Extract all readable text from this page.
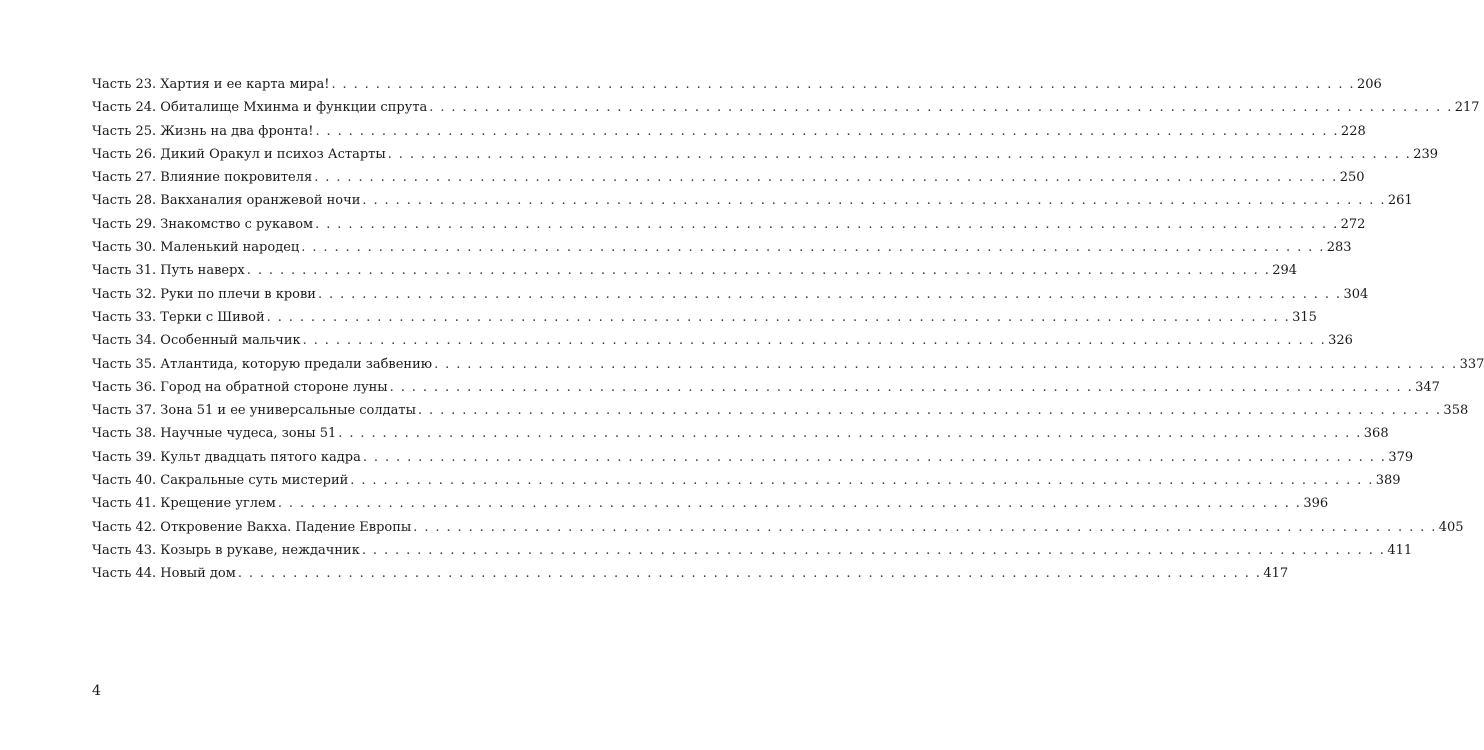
Часть 23. Хартия и ее карта мира! . . .	206
Часть 24. Обиталище Мхинма и функции спрута . . .	217
Часть 25. Жизнь на два фронта! . . .	228
Часть 26. Дикий Оракул и психоз Астарты . . .	239
Часть 27. Влияние покровителя . . .	250
Часть 28. Вакханалия оранжевой ночи . . .	261
Часть 29. Знакомство с рукавом . . .	272
Часть 30. Маленький народец . . .	283
Часть 31. Путь наверх . . .	294
Часть 32. Руки по плечи в крови . . .	304
Часть 33. Терки с Шивой . . .	315
Часть 34. Особенный мальчик . . .	326
Часть 35. Атлантида, которую предали забвению . . .	337
Часть 36. Город на обратной стороне луны . . .	347
Часть 37. Зона 51 и ее универсальные солдаты . . .	358
Часть 38. Научные чудеса, зоны 51 . . .	368
Часть 39. Культ двадцать пятого кадра . . .	379
Часть 40. Сакральные суть мистерий . . .	389
Часть 41. Крещение углем . . .	396
Часть 42. Откровение Вакха. Падение Европы . . .	405
Часть 43. Козырь в рукаве, неждачник . . .	411
Часть 44. Новый дом . . .	417
4
